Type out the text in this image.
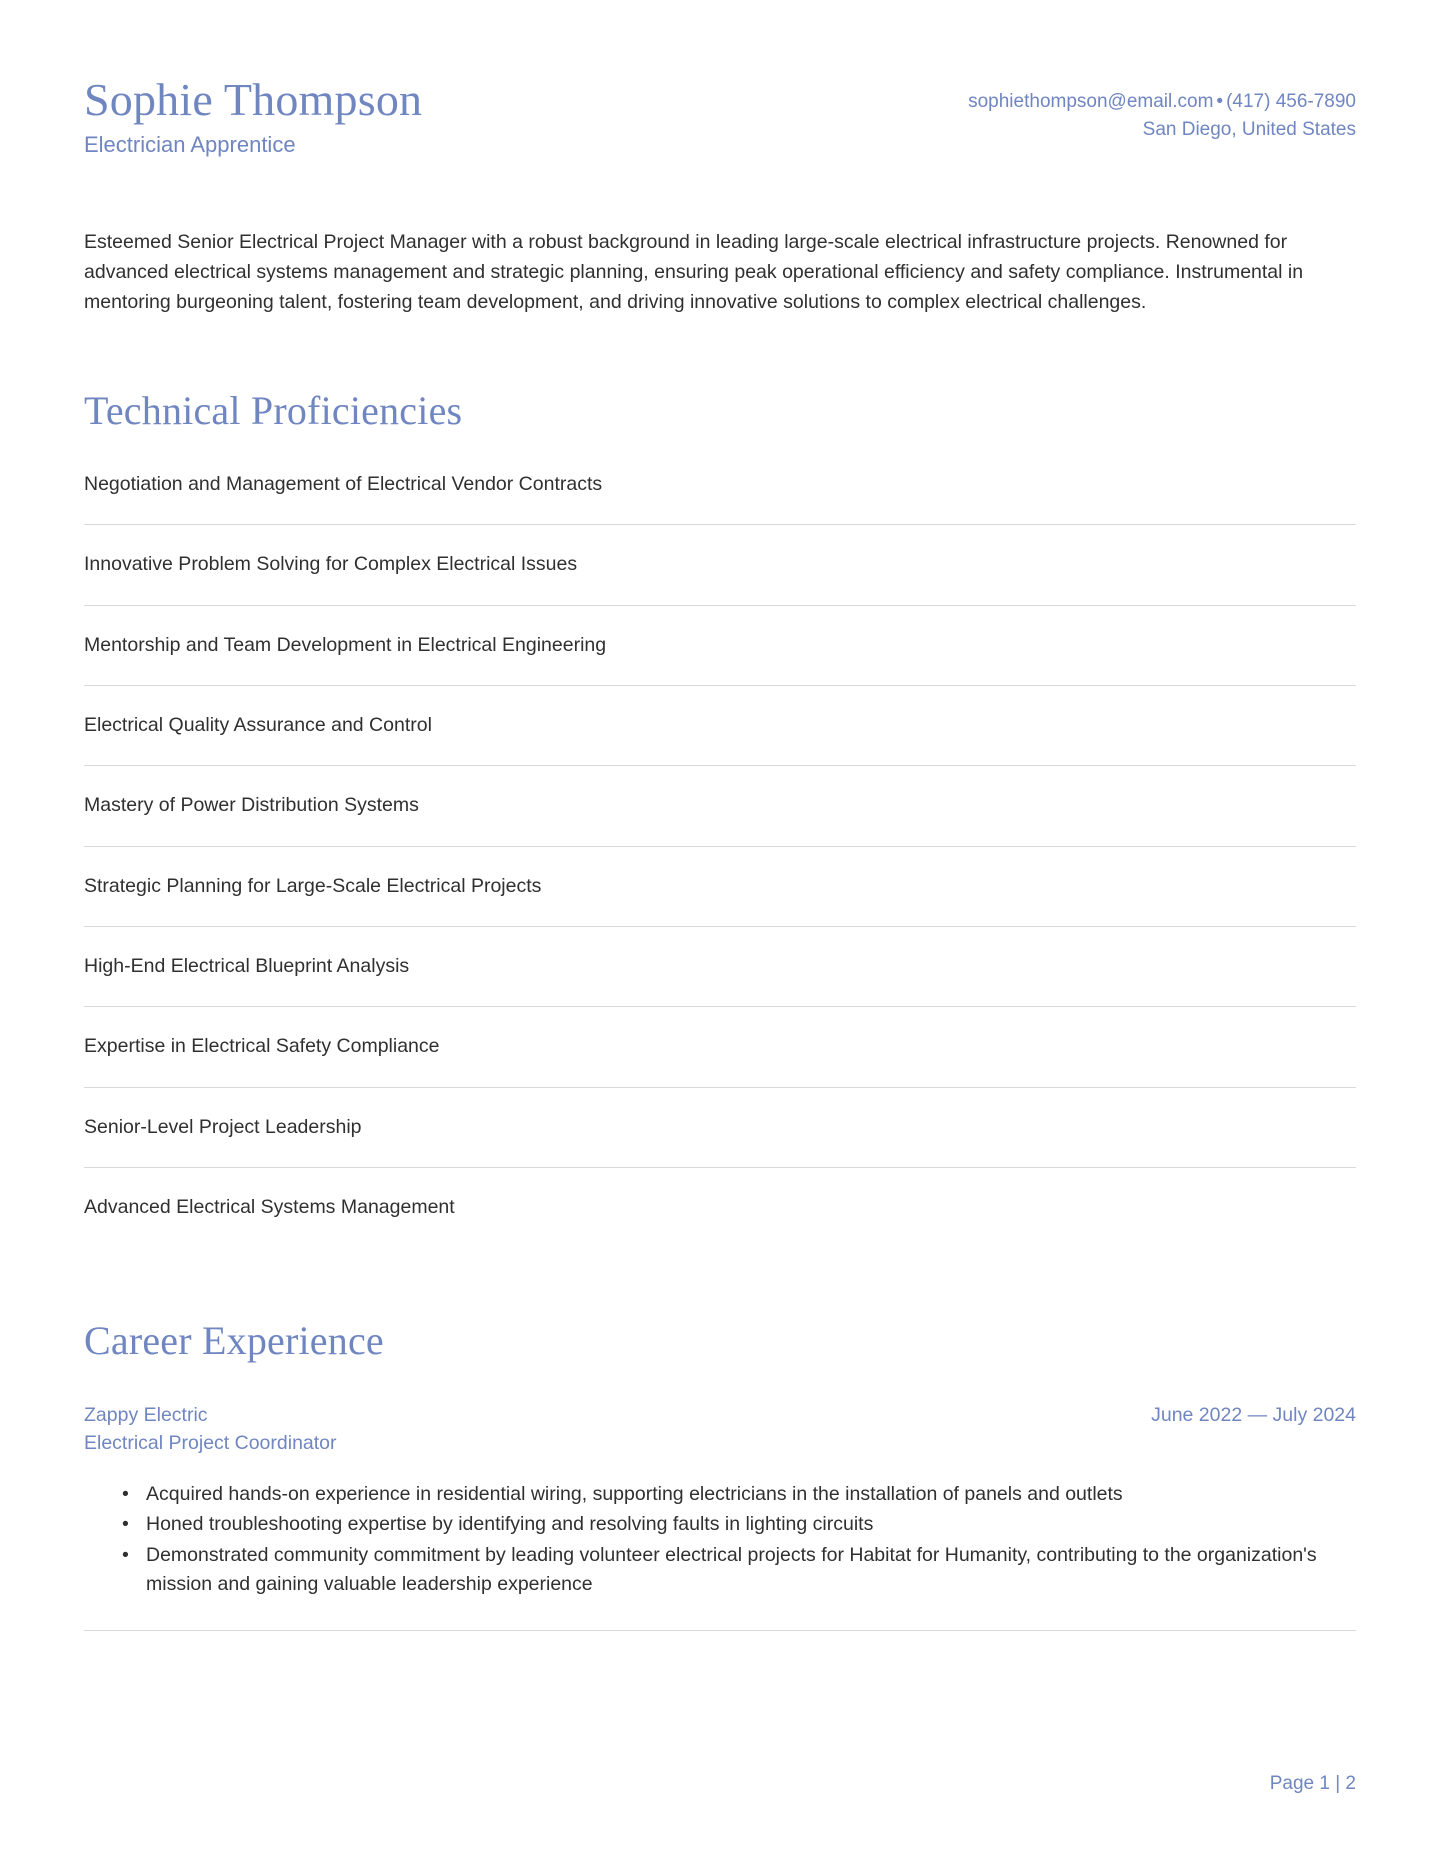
Sophie Thompson
Electrician Apprentice
sophiethompson@email.com • (417) 456-7890
San Diego, United States
Esteemed Senior Electrical Project Manager with a robust background in leading large-scale electrical infrastructure projects. Renowned for advanced electrical systems management and strategic planning, ensuring peak operational efficiency and safety compliance. Instrumental in mentoring burgeoning talent, fostering team development, and driving innovative solutions to complex electrical challenges.
Technical Proficiencies
Negotiation and Management of Electrical Vendor Contracts
Innovative Problem Solving for Complex Electrical Issues
Mentorship and Team Development in Electrical Engineering
Electrical Quality Assurance and Control
Mastery of Power Distribution Systems
Strategic Planning for Large-Scale Electrical Projects
High-End Electrical Blueprint Analysis
Expertise in Electrical Safety Compliance
Senior-Level Project Leadership
Advanced Electrical Systems Management
Career Experience
Zappy Electric
Electrical Project Coordinator
June 2022 — July 2024
• Acquired hands-on experience in residential wiring, supporting electricians in the installation of panels and outlets
• Honed troubleshooting expertise by identifying and resolving faults in lighting circuits
• Demonstrated community commitment by leading volunteer electrical projects for Habitat for Humanity, contributing to the organization's mission and gaining valuable leadership experience
Page 1 | 2
